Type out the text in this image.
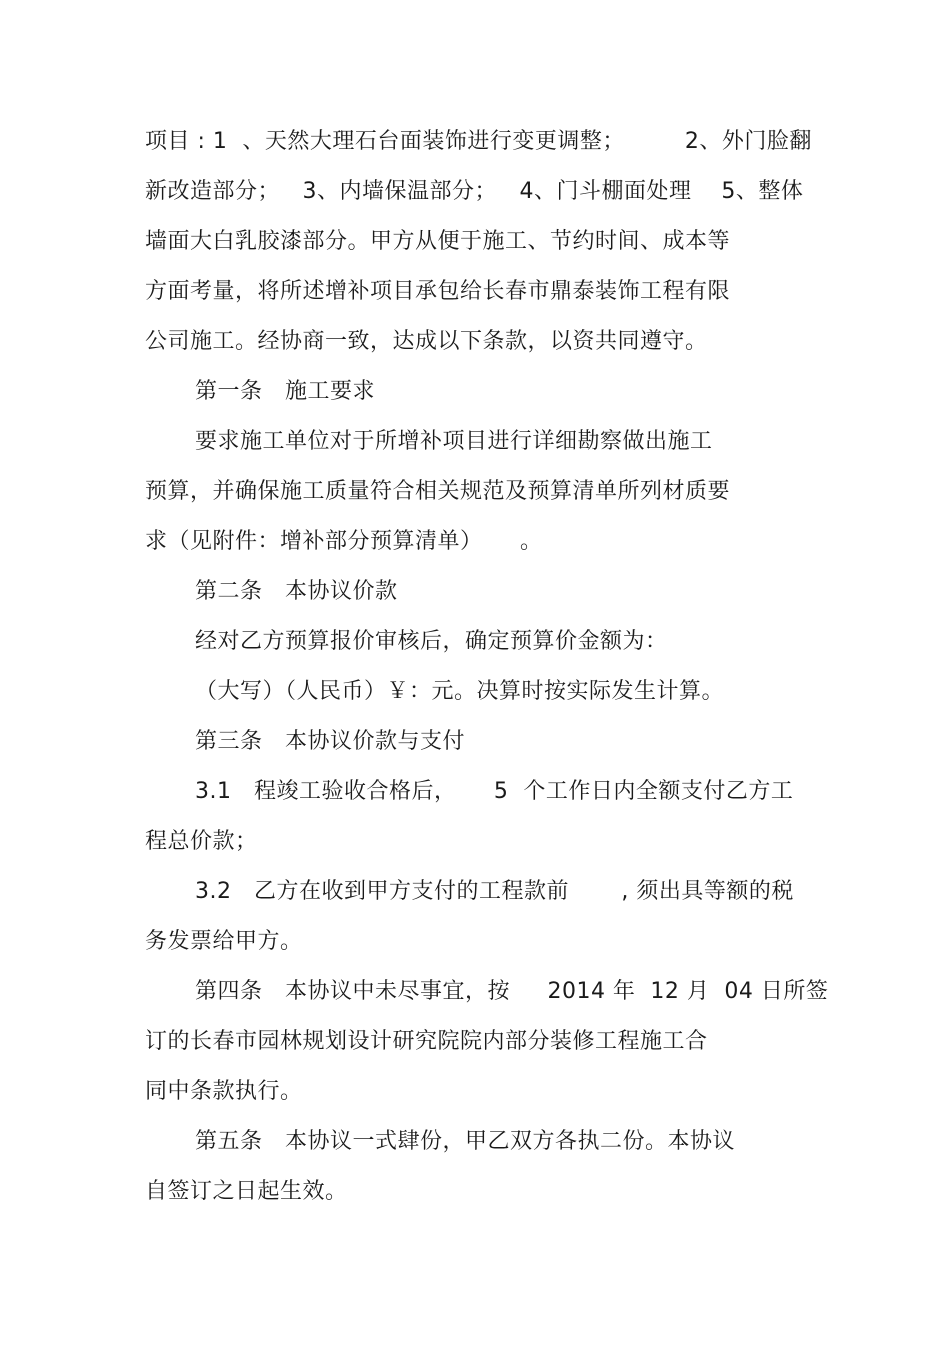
项目 : 1  、天然大理石台面装饰进行变更调整；        2、外门脸翻
新改造部分；   3、内墙保温部分；   4、门斗棚面处理    5、整体
墙面大白乳胶漆部分。甲方从便于施工、节约时间、成本等
方面考量，将所述增补项目承包给长春市鼎泰装饰工程有限
公司施工。经协商一致，达成以下条款，以资共同遵守。
第一条   施工要求
要求施工单位对于所增补项目进行详细勘察做出施工
预算，并确保施工质量符合相关规范及预算清单所列材质要
求（见附件：增补部分预算清单）     。
第二条   本协议价款
经对乙方预算报价审核后，确定预算价金额为：
（大写）（人民币）￥：元。决算时按实际发生计算。
第三条   本协议价款与支付
3.1   程竣工验收合格后，     5  个工作日内全额支付乙方工
程总价款；
3.2   乙方在收到甲方支付的工程款前       , 须出具等额的税
务发票给甲方。
第四条   本协议中未尽事宜，按     2014 年  12 月  04 日所签
订的长春市园林规划设计研究院院内部分装修工程施工合
同中条款执行。
第五条   本协议一式肆份，甲乙双方各执二份。本协议
自签订之日起生效。
